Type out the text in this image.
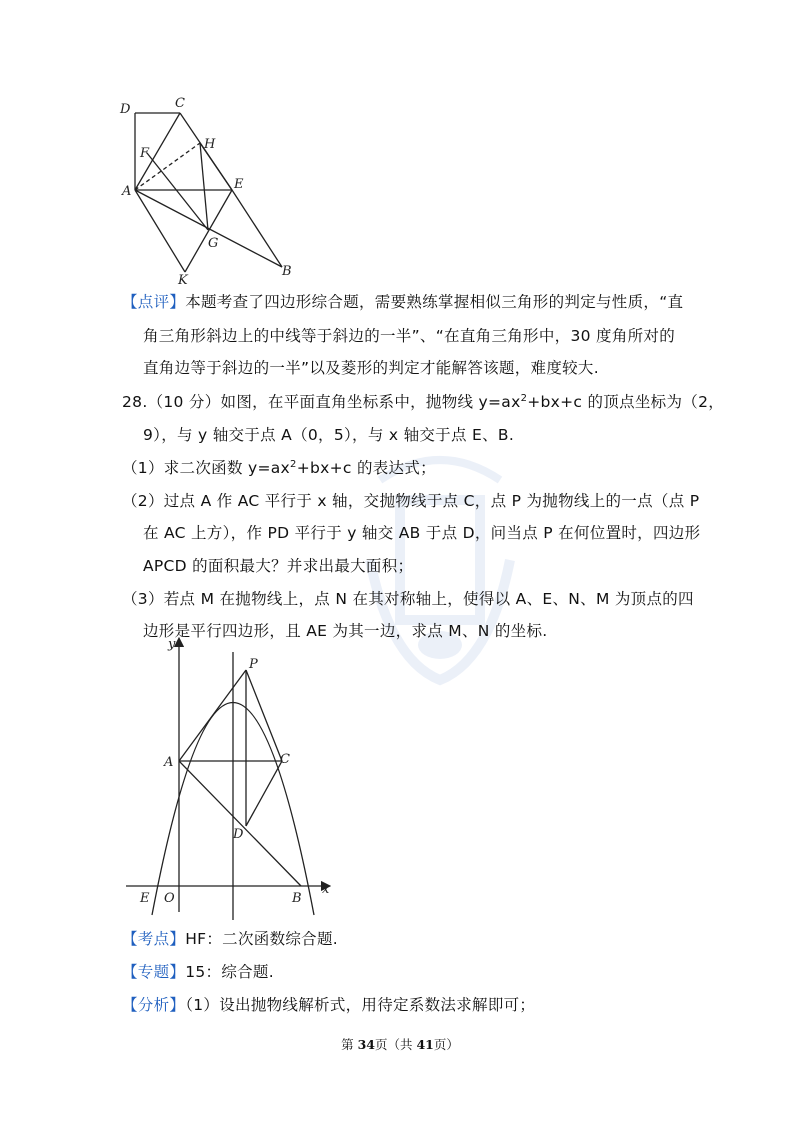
D	C
F
H
A	E
G
K
B
【点评】本题考查了四边形综合题，需要熟练掌握相似三角形的判定与性质，“直
角三角形斜边上的中线等于斜边的一半”、“在直角三角形中，30 度角所对的
直角边等于斜边的一半”以及菱形的判定才能解答该题，难度较大.
28.（10 分）如图，在平面直角坐标系中，抛物线 $y=ax^2+bx+c$ 的顶点坐标为（2，
9），与 y 轴交于点 A（0，5），与 x 轴交于点 E、B.
（1）求二次函数 $y=ax^2+bx+c$ 的表达式；
（2）过点 A 作 AC 平行于 x 轴，交抛物线于点 C，点 P 为抛物线上的一点（点 P
在 AC 上方），作 PD 平行于 y 轴交 AB 于点 D，问当点 P 在何位置时，四边形
APCD 的面积最大？并求出最大面积；
（3）若点 M 在抛物线上，点 N 在其对称轴上，使得以 A、E、N、M 为顶点的四
边形是平行四边形，且 AE 为其一边，求点 M、N 的坐标.
y
x
P
A	C
D
E O	B
【考点】HF：二次函数综合题.
【专题】15：综合题.
【分析】（1）设出抛物线解析式，用待定系数法求解即可；
第 34页（共 41页）
